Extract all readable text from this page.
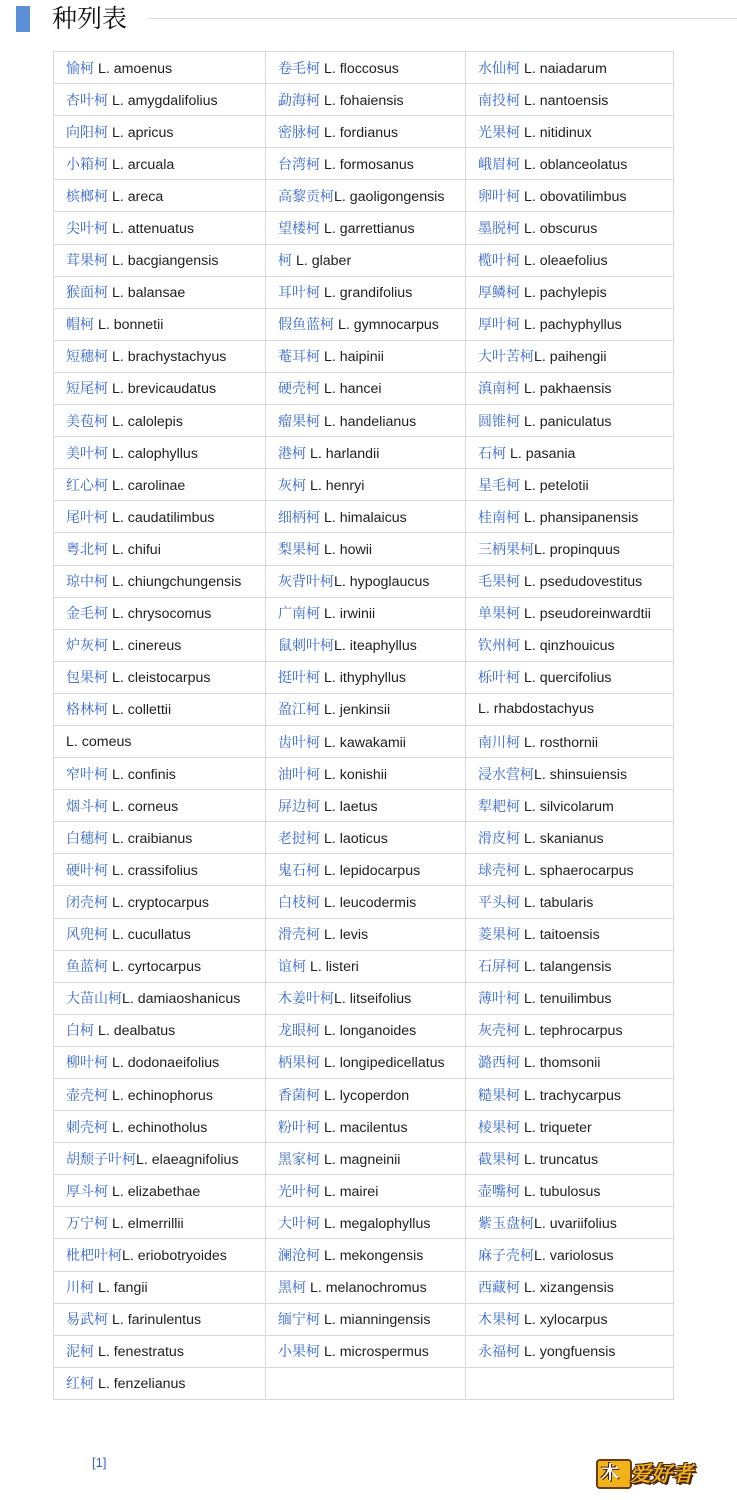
种列表
愉柯 L. amoenus	卷毛柯 L. floccosus	水仙柯 L. naiadarum
杏叶柯 L. amygdalifolius	勐海柯 L. fohaiensis	南投柯 L. nantoensis
向阳柯 L. apricus	密脉柯 L. fordianus	光果柯 L. nitidinux
小箱柯 L. arcuala	台湾柯 L. formosanus	峨眉柯 L. oblanceolatus
槟榔柯 L. areca	高黎贡柯L. gaoligongensis	卵叶柯 L. obovatilimbus
尖叶柯 L. attenuatus	望楼柯 L. garrettianus	墨脱柯 L. obscurus
茸果柯 L. bacgiangensis	柯 L. glaber	榄叶柯 L. oleaefolius
猴面柯 L. balansae	耳叶柯 L. grandifolius	厚鳞柯 L. pachylepis
帽柯 L. bonnetii	假鱼蓝柯 L. gymnocarpus	厚叶柯 L. pachyphyllus
短穗柯 L. brachystachyus	菴耳柯 L. haipinii	大叶苦柯L. paihengii
短尾柯 L. brevicaudatus	硬壳柯 L. hancei	滇南柯 L. pakhaensis
美苞柯 L. calolepis	瘤果柯 L. handelianus	圆锥柯 L. paniculatus
美叶柯 L. calophyllus	港柯 L. harlandii	石柯 L. pasania
红心柯 L. carolinae	灰柯 L. henryi	星毛柯 L. petelotii
尾叶柯 L. caudatilimbus	细柄柯 L. himalaicus	桂南柯 L. phansipanensis
粤北柯 L. chifui	梨果柯 L. howii	三柄果柯L. propinquus
琼中柯 L. chiungchungensis	灰背叶柯L. hypoglaucus	毛果柯 L. psedudovestitus
金毛柯 L. chrysocomus	广南柯 L. irwinii	单果柯 L. pseudoreinwardtii
炉灰柯 L. cinereus	鼠刺叶柯L. iteaphyllus	钦州柯 L. qinzhouicus
包果柯 L. cleistocarpus	挺叶柯 L. ithyphyllus	栎叶柯 L. quercifolius
格林柯 L. collettii	盈江柯 L. jenkinsii	L. rhabdostachyus
L. comeus	齿叶柯 L. kawakamii	南川柯 L. rosthornii
窄叶柯 L. confinis	油叶柯 L. konishii	浸水营柯L. shinsuiensis
烟斗柯 L. corneus	屏边柯 L. laetus	犁耙柯 L. silvicolarum
白穗柯 L. craibianus	老挝柯 L. laoticus	滑皮柯 L. skanianus
硬叶柯 L. crassifolius	鬼石柯 L. lepidocarpus	球壳柯 L. sphaerocarpus
闭壳柯 L. cryptocarpus	白枝柯 L. leucodermis	平头柯 L. tabularis
风兜柯 L. cucullatus	滑壳柯 L. levis	菱果柯 L. taitoensis
鱼蓝柯 L. cyrtocarpus	谊柯 L. listeri	石屏柯 L. talangensis
大苗山柯L. damiaoshanicus	木姜叶柯L. litseifolius	薄叶柯 L. tenuilimbus
白柯 L. dealbatus	龙眼柯 L. longanoides	灰壳柯 L. tephrocarpus
柳叶柯 L. dodonaeifolius	柄果柯 L. longipedicellatus	潞西柯 L. thomsonii
壶壳柯 L. echinophorus	香菌柯 L. lycoperdon	糙果柯 L. trachycarpus
刺壳柯 L. echinotholus	粉叶柯 L. macilentus	棱果柯 L. triqueter
胡颓子叶柯L. elaeagnifolius	黑家柯 L. magneinii	截果柯 L. truncatus
厚斗柯 L. elizabethae	光叶柯 L. mairei	壶嘴柯 L. tubulosus
万宁柯 L. elmerrillii	大叶柯 L. megalophyllus	紫玉盘柯L. uvariifolius
枇杷叶柯L. eriobotryoides	澜沧柯 L. mekongensis	麻子壳柯L. variolosus
川柯 L. fangii	黑柯 L. melanochromus	西藏柯 L. xizangensis
易武柯 L. farinulentus	缅宁柯 L. mianningensis	木果柯 L. xylocarpus
泥柯 L. fenestratus	小果柯 L. microspermus	永福柯 L. yongfuensis
红柯 L. fenzelianus		
[1]
木 爱好者
